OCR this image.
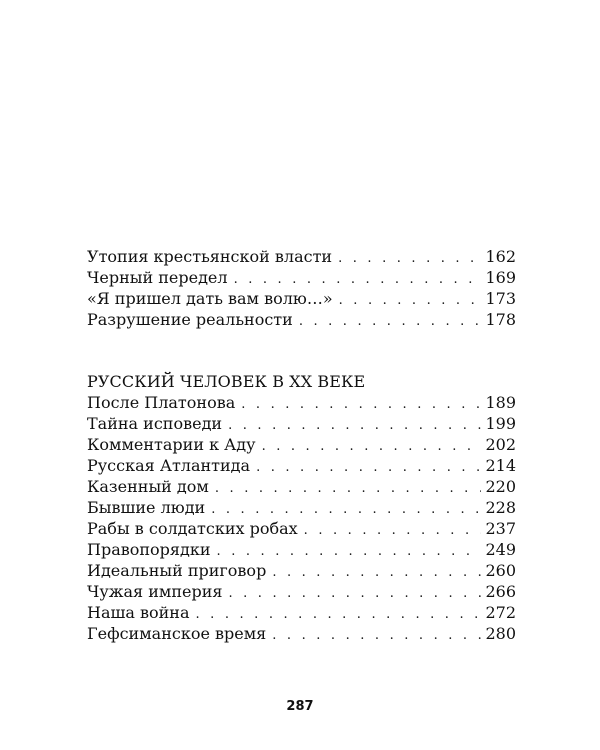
Утопия крестьянской власти . . .	162
Черный передел . . .	169
«Я пришел дать вам волю…» . . .	173
Разрушение реальности . . .	178
РУССКИЙ ЧЕЛОВЕК В ХХ ВЕКЕ
После Платонова . . .	189
Тайна исповеди . . .	199
Комментарии к Аду . . .	202
Русская Атлантида . . .	214
Казенный дом . . .	220
Бывшие люди . . .	228
Рабы в солдатских робах . . .	237
Правопорядки . . .	249
Идеальный приговор . . .	260
Чужая империя . . .	266
Наша война . . .	272
Гефсиманское время . . .	280
287
